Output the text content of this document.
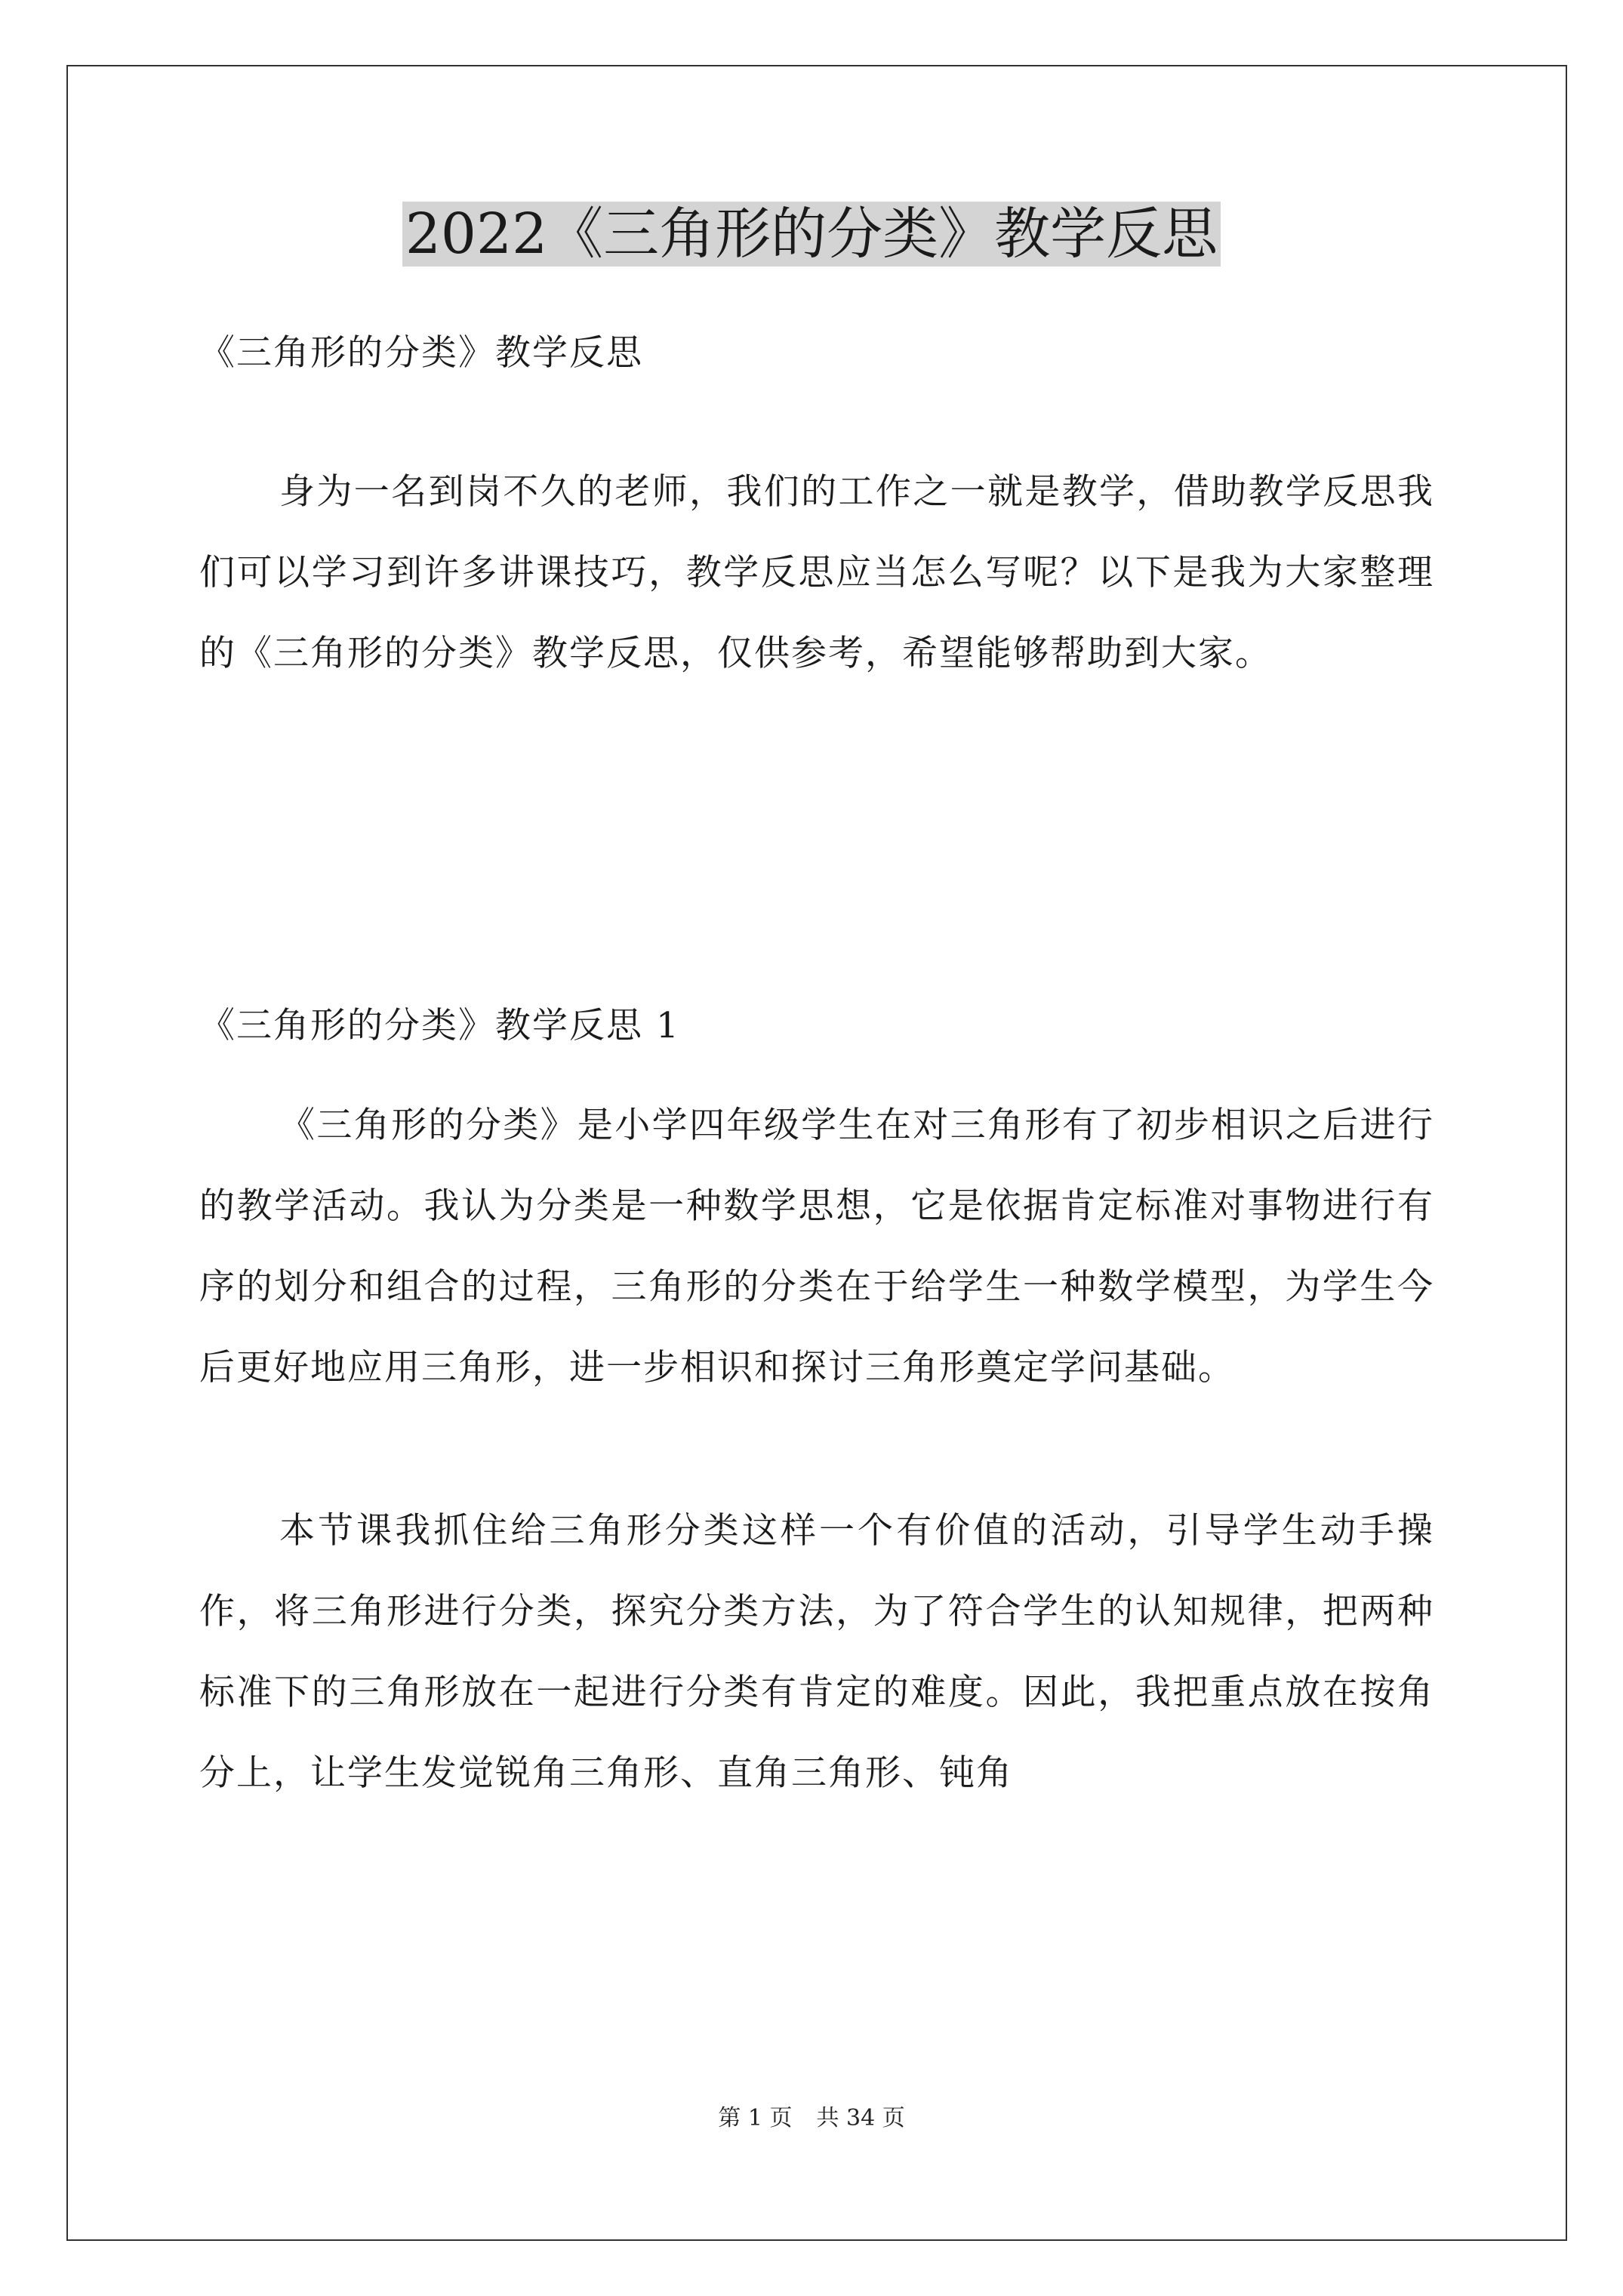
2022《三角形的分类》教学反思
《三角形的分类》教学反思

身为一名到岗不久的老师，我们的工作之一就是教学，借助教学反思我们可以学习到许多讲课技巧，教学反思应当怎么写呢？以下是我为大家整理的《三角形的分类》教学反思，仅供参考，希望能够帮助到大家。

《三角形的分类》教学反思 1

《三角形的分类》是小学四年级学生在对三角形有了初步相识之后进行的教学活动。我认为分类是一种数学思想，它是依据肯定标准对事物进行有序的划分和组合的过程，三角形的分类在于给学生一种数学模型，为学生今后更好地应用三角形，进一步相识和探讨三角形奠定学问基础。

本节课我抓住给三角形分类这样一个有价值的活动，引导学生动手操作，将三角形进行分类，探究分类方法，为了符合学生的认知规律，把两种标准下的三角形放在一起进行分类有肯定的难度。因此，我把重点放在按角分上，让学生发觉锐角三角形、直角三角形、钝角

第 1 页 共 34 页
